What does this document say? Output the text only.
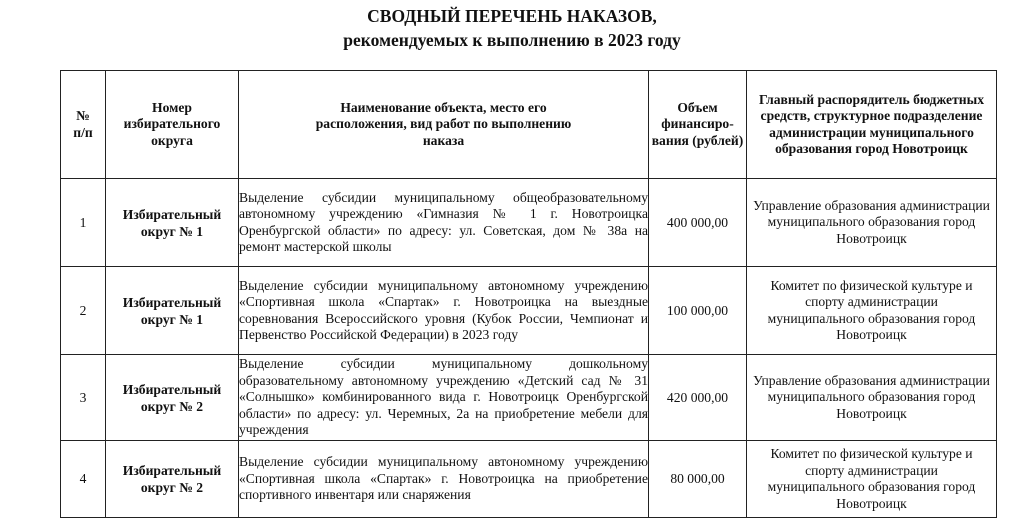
СВОДНЫЙ ПЕРЕЧЕНЬ НАКАЗОВ,
рекомендуемых к выполнению в 2023 году
№ п/п	Номер избирательного округа	Наименование объекта, место его расположения, вид работ по выполнению наказа	Объем финансиро-вания (рублей)	Главный распорядитель бюджетных средств, структурное подразделение администрации муниципального образования город Новотроицк
1	Избирательный округ № 1	Выделение субсидии муниципальному общеобразовательному автономному учреждению «Гимназия № 1 г. Новотроицка Оренбургской области» по адресу: ул. Советская, дом № 38а на ремонт мастерской школы	400 000,00	Управление образования администрации муниципального образования город Новотроицк
2	Избирательный округ № 1	Выделение субсидии муниципальному автономному учреждению «Спортивная школа «Спартак» г. Новотроицка на выездные соревнования Всероссийского уровня (Кубок России, Чемпионат и Первенство Российской Федерации) в 2023 году	100 000,00	Комитет по физической культуре и спорту администрации муниципального образования город Новотроицк
3	Избирательный округ № 2	Выделение субсидии муниципальному дошкольному образовательному автономному учреждению «Детский сад № 31 «Солнышко» комбинированного вида г. Новотроицк Оренбургской области» по адресу: ул. Черемных, 2а на приобретение мебели для учреждения	420 000,00	Управление образования администрации муниципального образования город Новотроицк
4	Избирательный округ № 2	Выделение субсидии муниципальному автономному учреждению «Спортивная школа «Спартак» г. Новотроицка на приобретение спортивного инвентаря или снаряжения	80 000,00	Комитет по физической культуре и спорту администрации муниципального образования город Новотроицк
